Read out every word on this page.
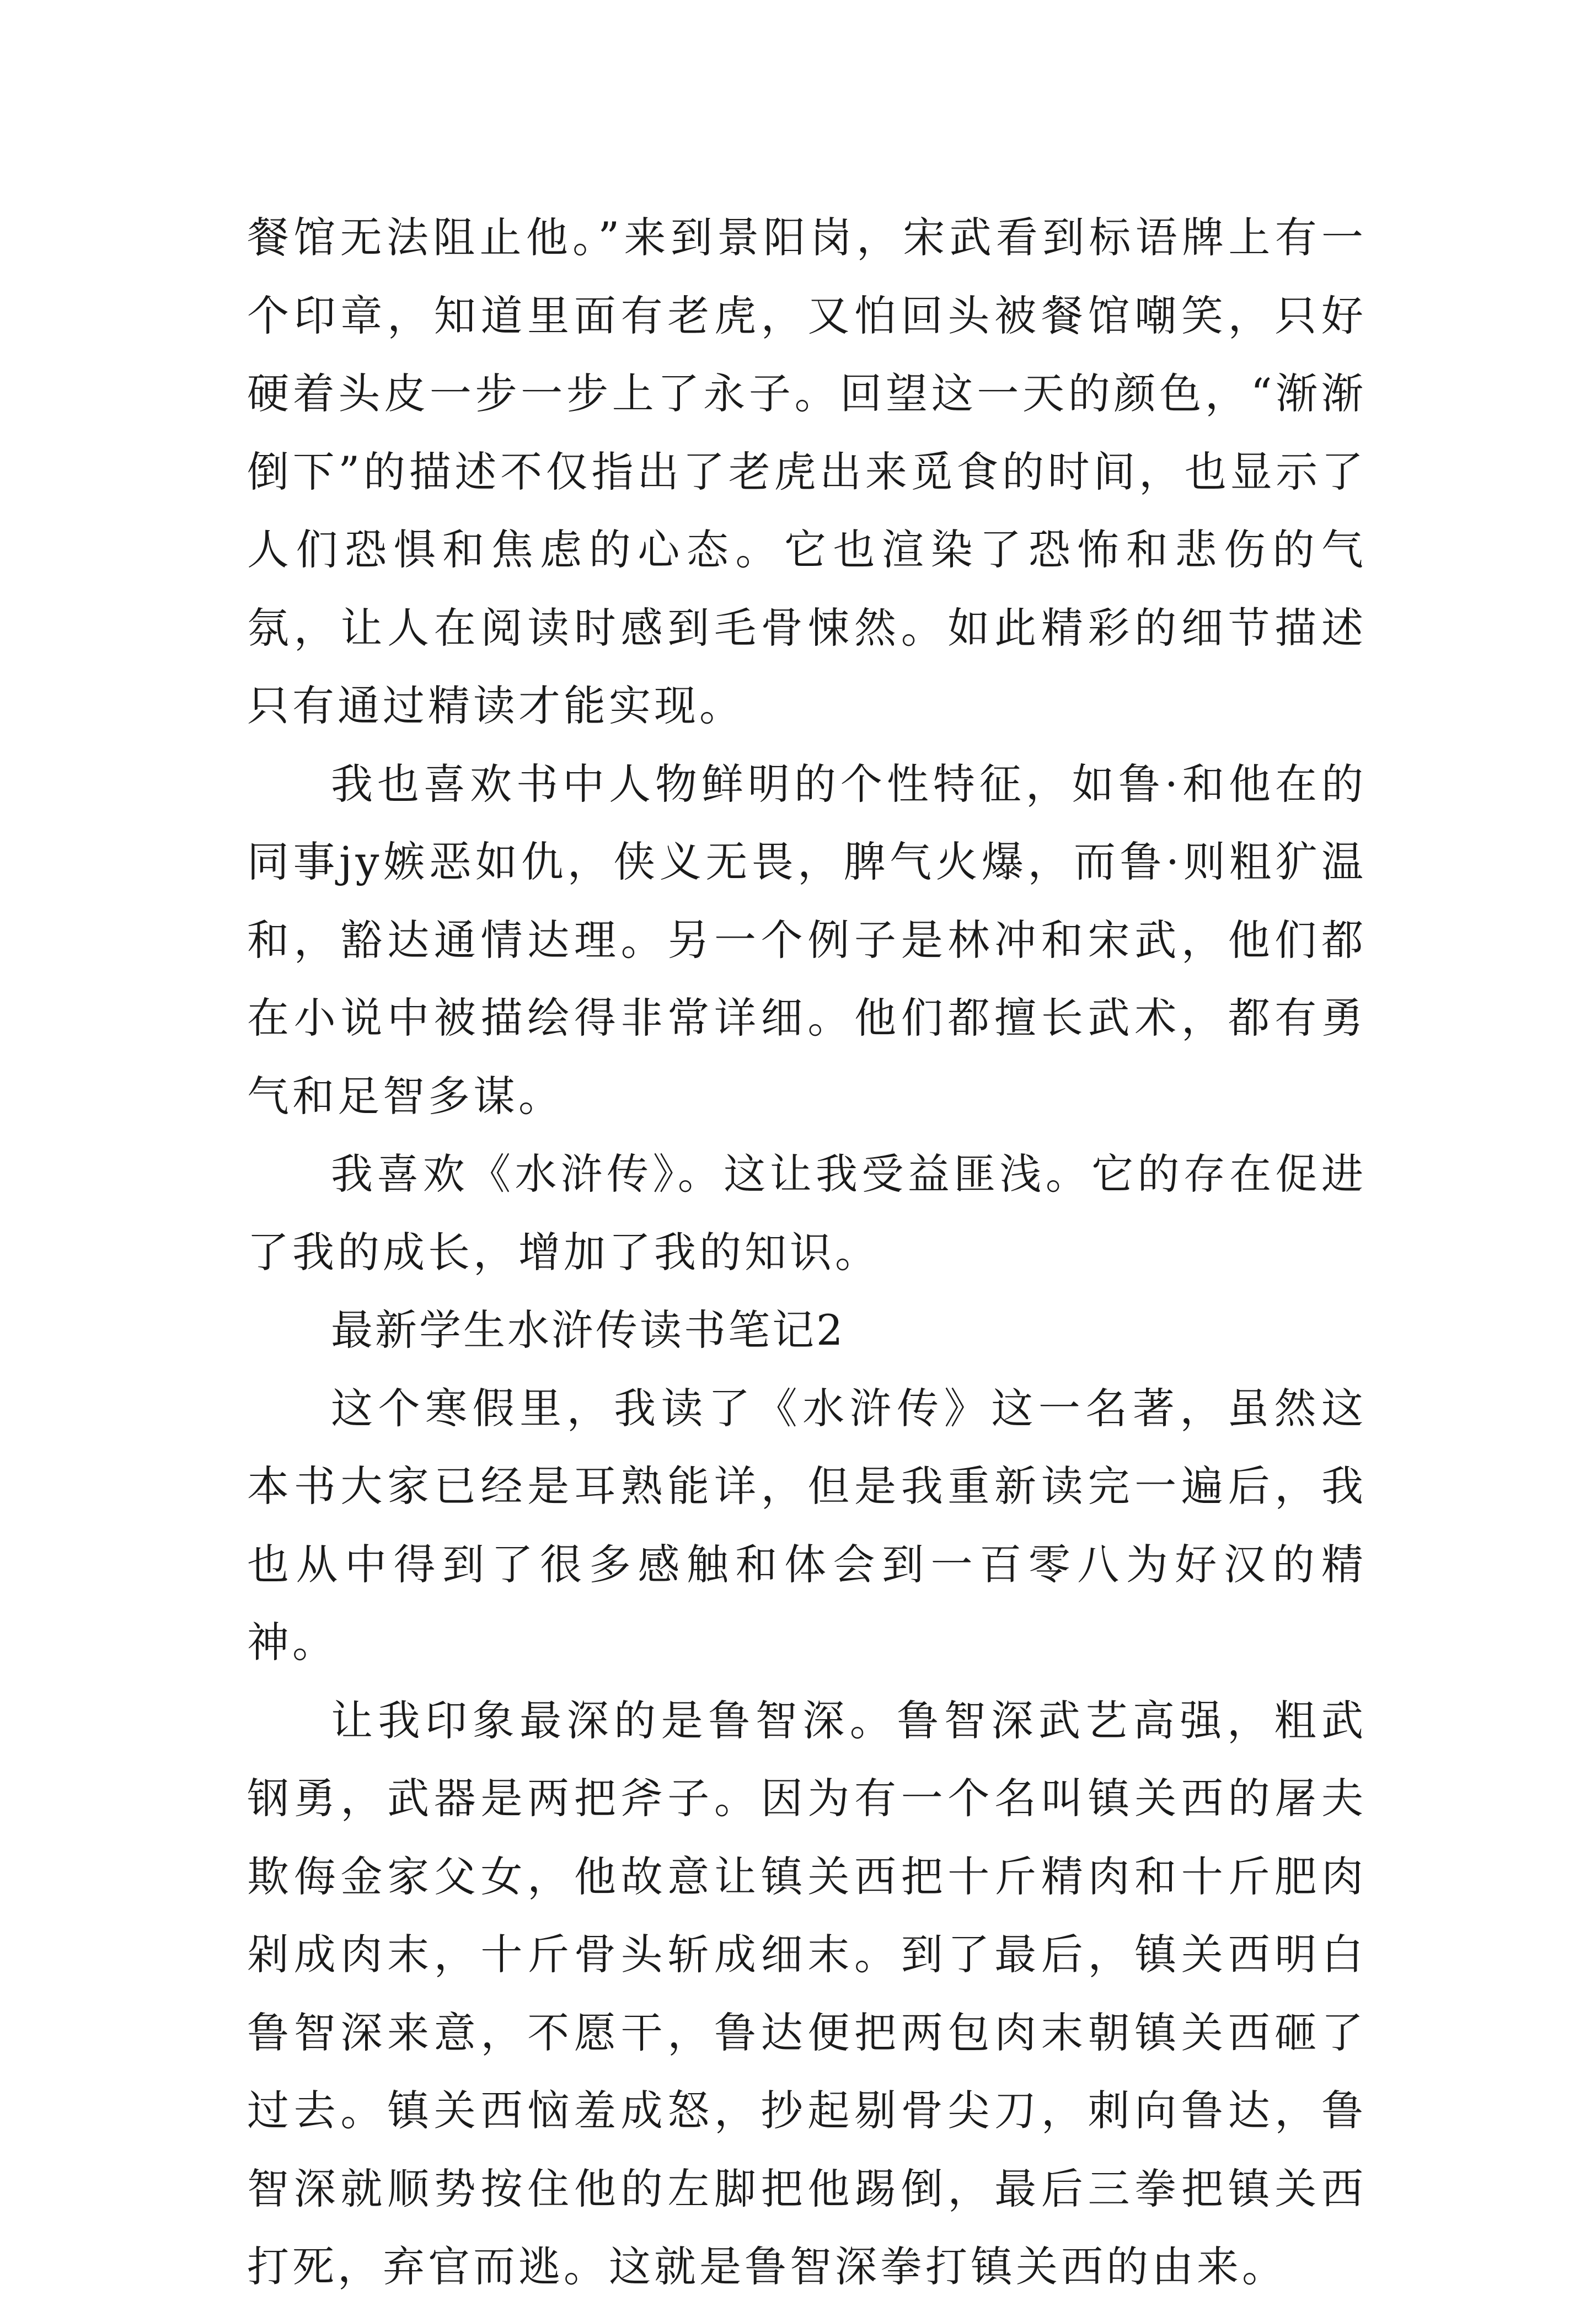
餐馆无法阻止他。”来到景阳岗，宋武看到标语牌上有一个印章，知道里面有老虎，又怕回头被餐馆嘲笑，只好硬着头皮一步一步上了永子。回望这一天的颜色，“渐渐倒下”的描述不仅指出了老虎出来觅食的时间，也显示了人们恐惧和焦虑的心态。它也渲染了恐怖和悲伤的气氛，让人在阅读时感到毛骨悚然。如此精彩的细节描述只有通过精读才能实现。

我也喜欢书中人物鲜明的个性特征，如鲁·和他在的同事jy嫉恶如仇，侠义无畏，脾气火爆，而鲁·则粗犷温和，豁达通情达理。另一个例子是林冲和宋武，他们都在小说中被描绘得非常详细。他们都擅长武术，都有勇气和足智多谋。

我喜欢《水浒传》。这让我受益匪浅。它的存在促进了我的成长，增加了我的知识。

最新学生水浒传读书笔记2

这个寒假里，我读了《水浒传》这一名著，虽然这本书大家已经是耳熟能详，但是我重新读完一遍后，我也从中得到了很多感触和体会到一百零八为好汉的精神。

让我印象最深的是鲁智深。鲁智深武艺高强，粗武钢勇，武器是两把斧子。因为有一个名叫镇关西的屠夫欺侮金家父女，他故意让镇关西把十斤精肉和十斤肥肉剁成肉末，十斤骨头斩成细末。到了最后，镇关西明白鲁智深来意，不愿干，鲁达便把两包肉末朝镇关西砸了过去。镇关西恼羞成怒，抄起剔骨尖刀，刺向鲁达，鲁智深就顺势按住他的左脚把他踢倒，最后三拳把镇关西打死，弃官而逃。这就是鲁智深拳打镇关西的由来。
